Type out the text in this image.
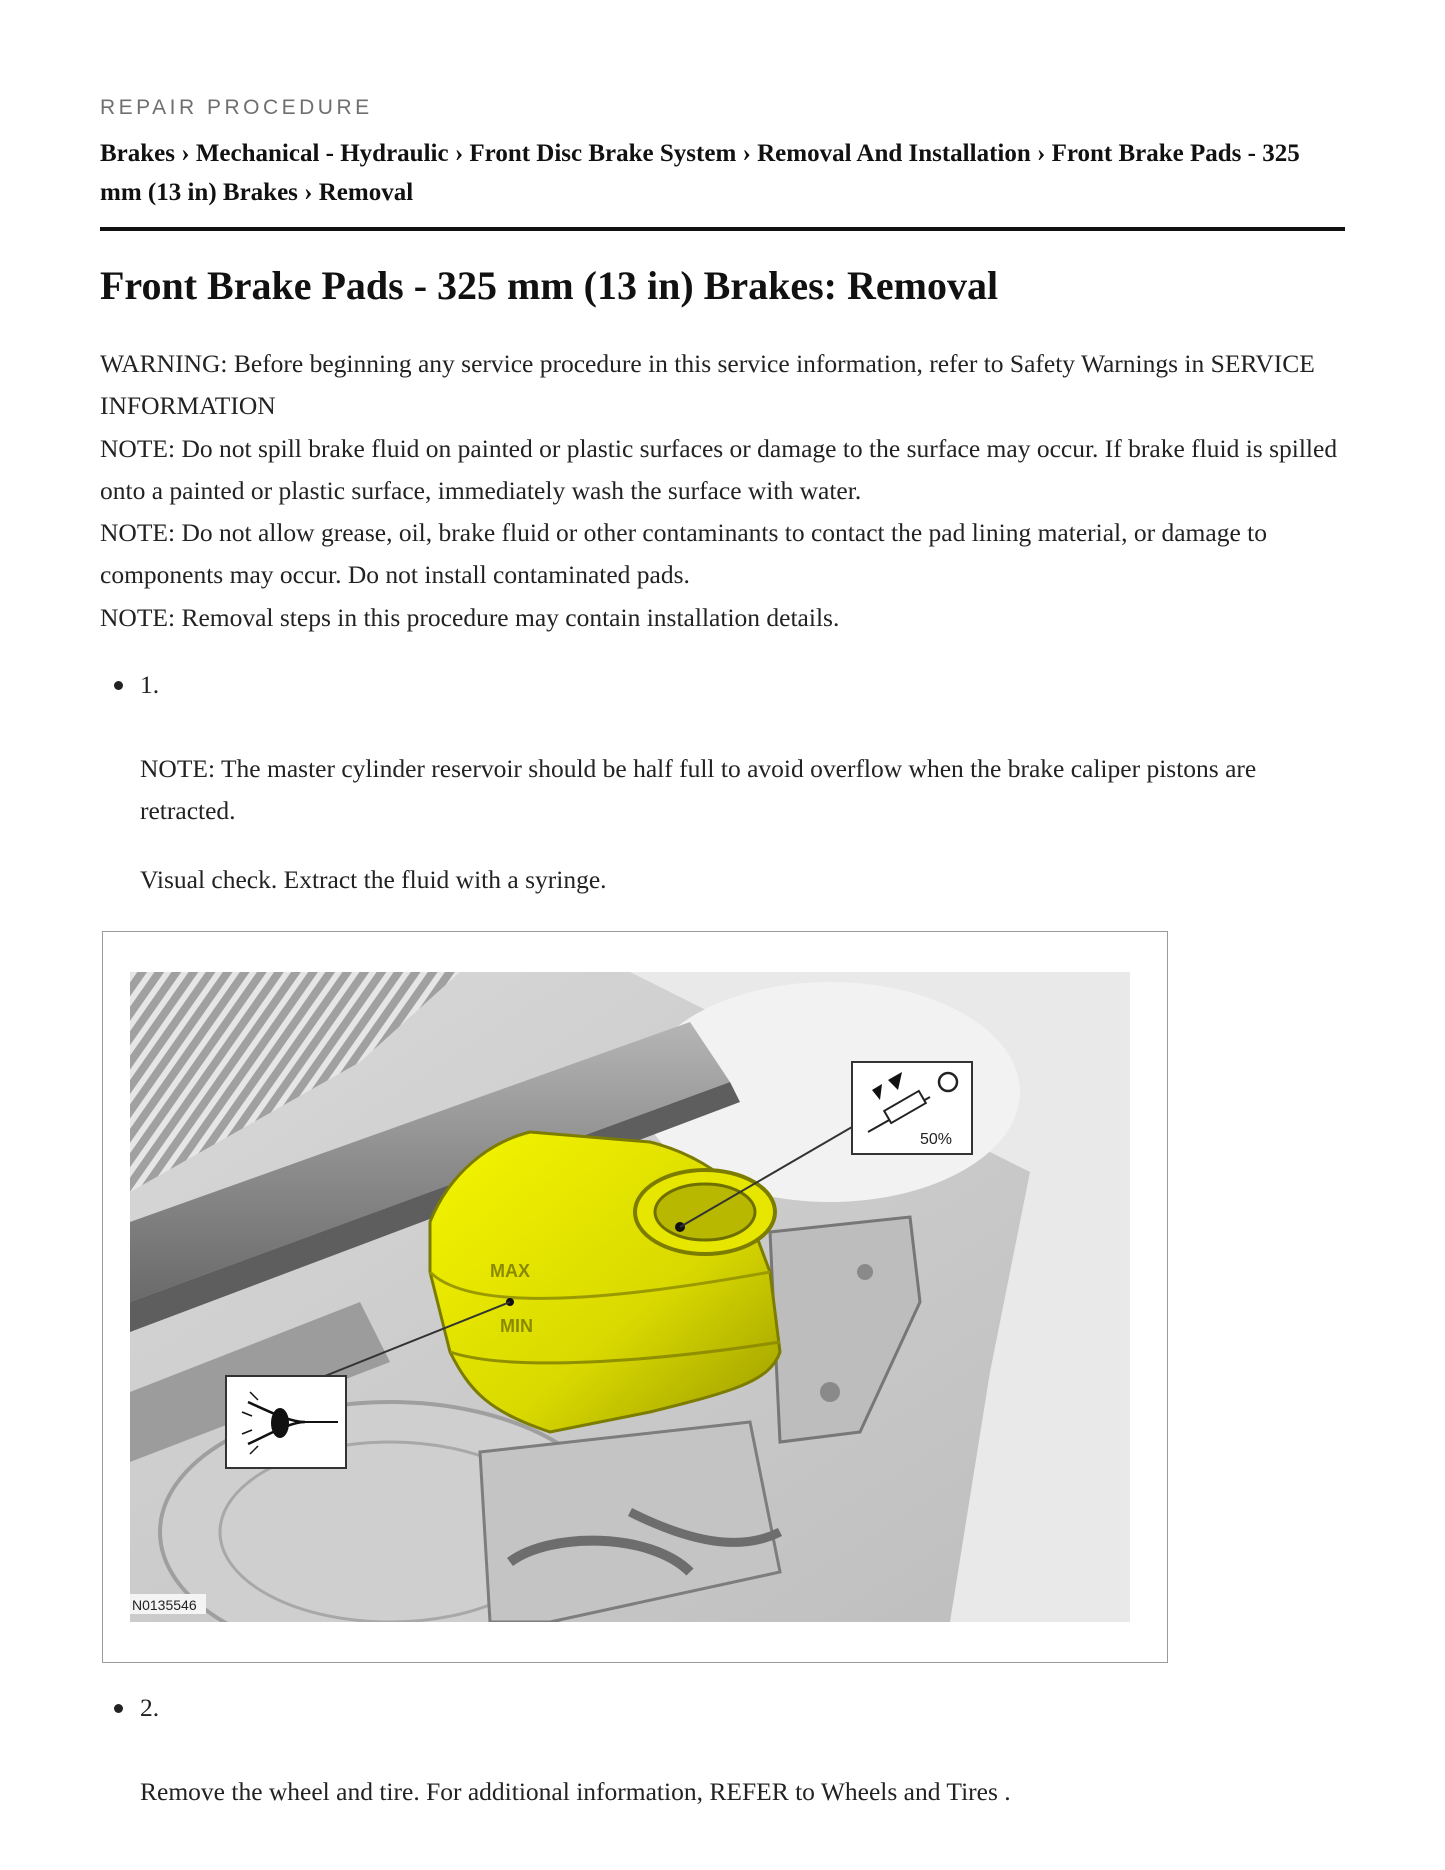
REPAIR PROCEDURE
Brakes › Mechanical - Hydraulic › Front Disc Brake System › Removal And Installation › Front Brake Pads - 325 mm (13 in) Brakes › Removal
Front Brake Pads - 325 mm (13 in) Brakes: Removal

WARNING: Before beginning any service procedure in this service information, refer to Safety Warnings in SERVICE INFORMATION

NOTE: Do not spill brake fluid on painted or plastic surfaces or damage to the surface may occur. If brake fluid is spilled onto a painted or plastic surface, immediately wash the surface with water.

NOTE: Do not allow grease, oil, brake fluid or other contaminants to contact the pad lining material, or damage to components may occur. Do not install contaminated pads.

NOTE: Removal steps in this procedure may contain installation details.

1.

NOTE: The master cylinder reservoir should be half full to avoid overflow when the brake caliper pistons are retracted.

Visual check. Extract the fluid with a syringe.

MAX
MIN
50%
N0135546
2.

Remove the wheel and tire. For additional information, REFER to Wheels and Tires .
